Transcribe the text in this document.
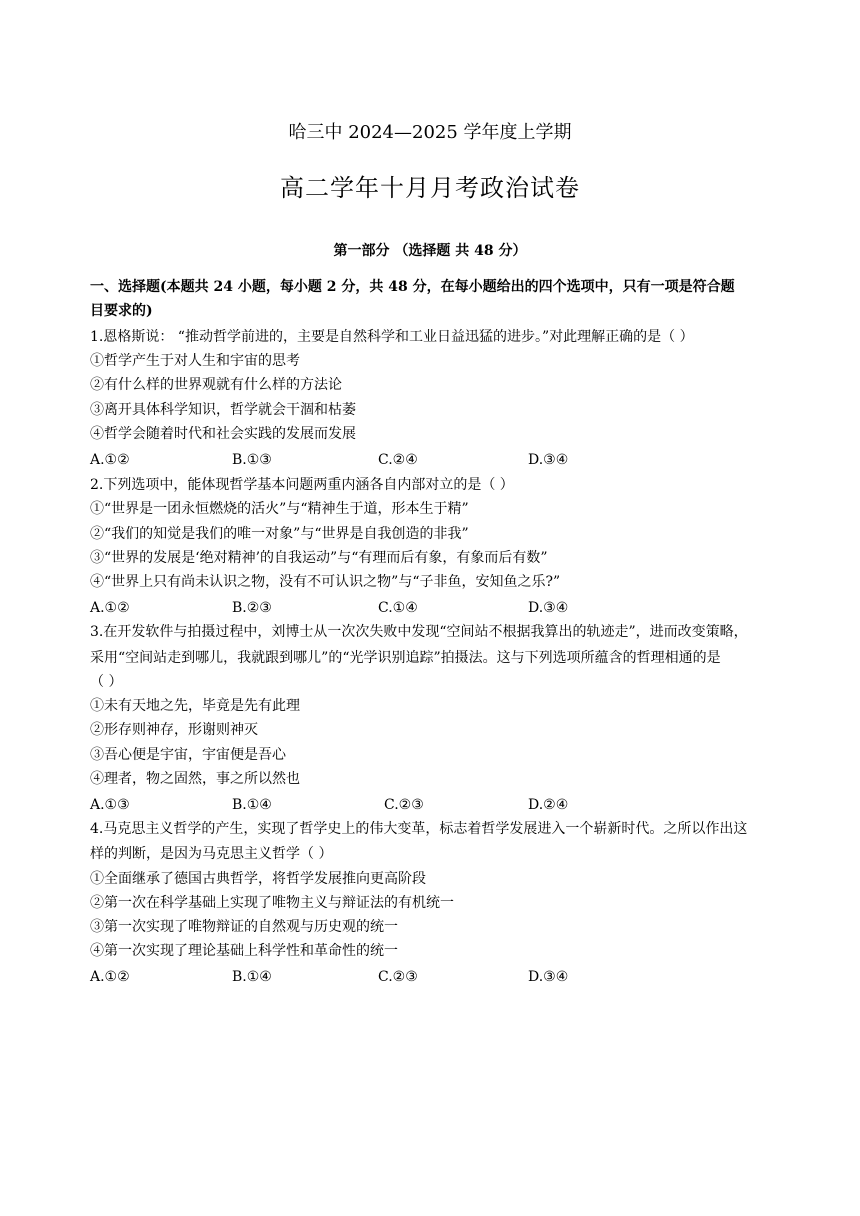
哈三中 2024—2025 学年度上学期
高二学年十月月考政治试卷
第一部分 （选择题 共 48 分）
一、选择题(本题共 24 小题，每小题 2 分，共 48 分，在每小题给出的四个选项中，只有一项是符合题
目要求的)
1.恩格斯说： “推动哲学前进的，主要是自然科学和工业日益迅猛的进步。”对此理解正确的是（ ）
①哲学产生于对人生和宇宙的思考
②有什么样的世界观就有什么样的方法论
③离开具体科学知识，哲学就会干涸和枯萎
④哲学会随着时代和社会实践的发展而发展
A.①②	B.①③	C.②④	D.③④
2.下列选项中，能体现哲学基本问题两重内涵各自内部对立的是（ ）
①“世界是一团永恒燃烧的活火”与“精神生于道，形本生于精”
②“我们的知觉是我们的唯一对象”与“世界是自我创造的非我”
③“世界的发展是‘绝对精神’的自我运动”与“有理而后有象，有象而后有数”
④“世界上只有尚未认识之物，没有不可认识之物”与“子非鱼，安知鱼之乐?”
A.①②	B.②③	C.①④	D.③④
3.在开发软件与拍摄过程中，刘博士从一次次失败中发现“空间站不根据我算出的轨迹走”，进而改变策略，
采用“空间站走到哪儿，我就跟到哪儿”的“光学识别追踪”拍摄法。这与下列选项所蕴含的哲理相通的是
（ ）
①未有天地之先，毕竟是先有此理
②形存则神存，形谢则神灭
③吾心便是宇宙，宇宙便是吾心
④理者，物之固然，事之所以然也
A.①③	B.①④	C.②③	D.②④
4.马克思主义哲学的产生，实现了哲学史上的伟大变革，标志着哲学发展进入一个崭新时代。之所以作出这
样的判断，是因为马克思主义哲学（ ）
①全面继承了德国古典哲学，将哲学发展推向更高阶段
②第一次在科学基础上实现了唯物主义与辩证法的有机统一
③第一次实现了唯物辩证的自然观与历史观的统一
④第一次实现了理论基础上科学性和革命性的统一
A.①②	B.①④	C.②③	D.③④
